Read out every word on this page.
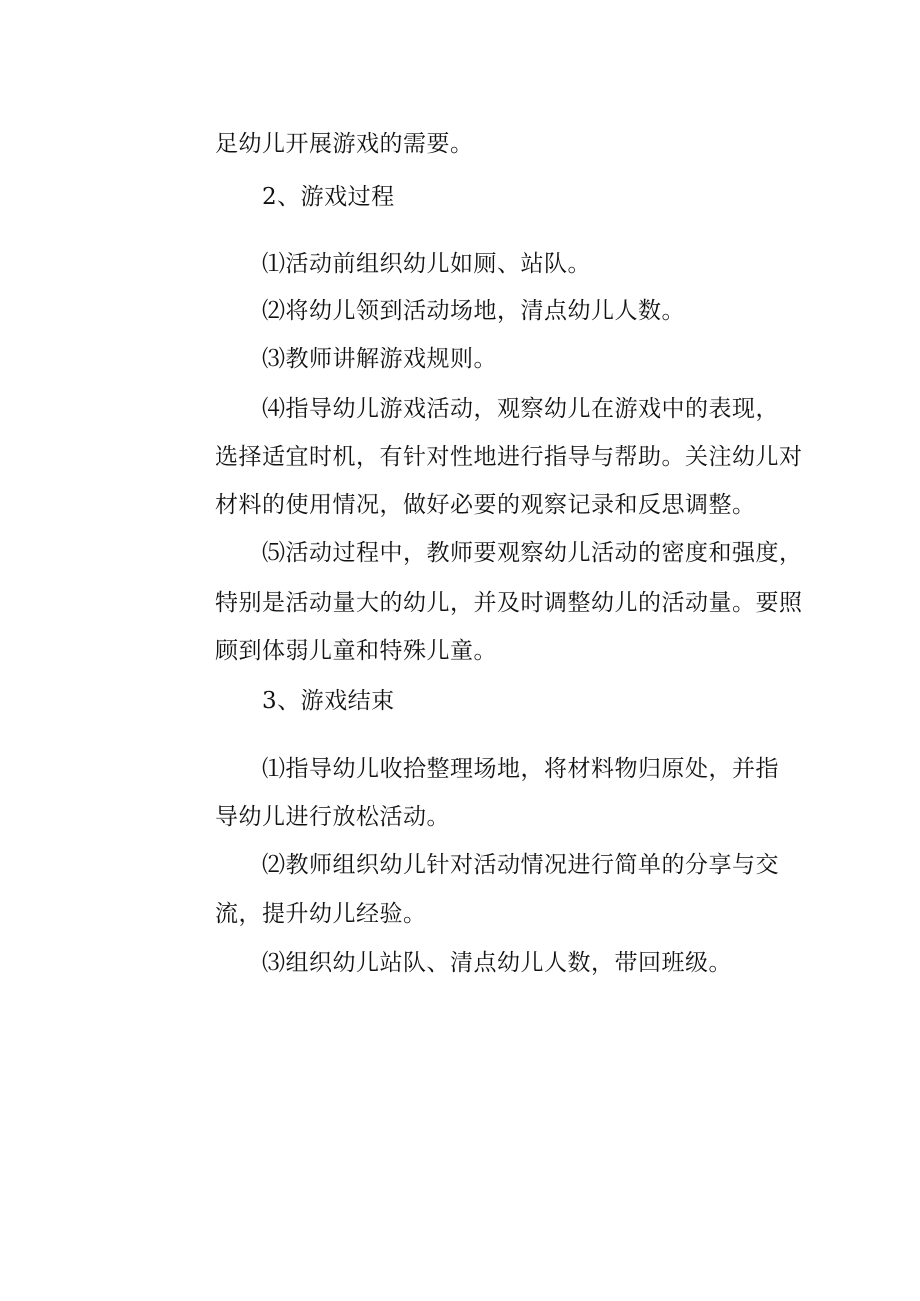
足幼儿开展游戏的需要。
2、游戏过程
⑴活动前组织幼儿如厕、站队。
⑵将幼儿领到活动场地，清点幼儿人数。
⑶教师讲解游戏规则。
⑷指导幼儿游戏活动，观察幼儿在游戏中的表现，
选择适宜时机，有针对性地进行指导与帮助。关注幼儿对
材料的使用情况，做好必要的观察记录和反思调整。
⑸活动过程中，教师要观察幼儿活动的密度和强度，
特别是活动量大的幼儿，并及时调整幼儿的活动量。要照
顾到体弱儿童和特殊儿童。
3、游戏结束
⑴指导幼儿收拾整理场地，将材料物归原处，并指
导幼儿进行放松活动。
⑵教师组织幼儿针对活动情况进行简单的分享与交
流，提升幼儿经验。
⑶组织幼儿站队、清点幼儿人数，带回班级。
